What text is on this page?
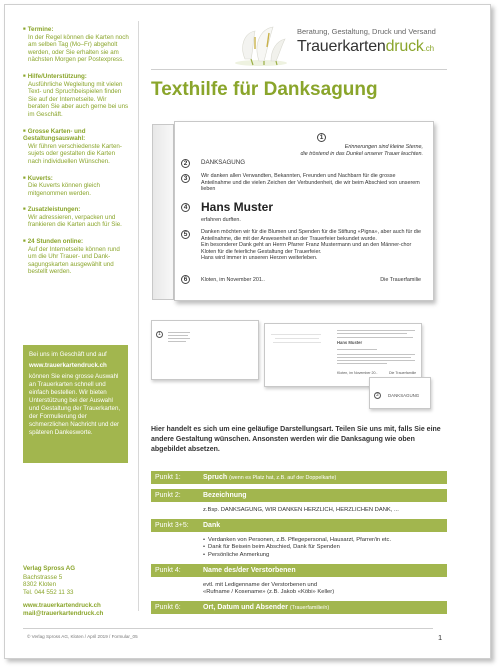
■ Termine:
In der Regel können die Karten noch am selben Tag (Mo–Fr) abgeholt werden, oder Sie erhalten sie am nächsten Morgen per Postexpress.
■ Hilfe/Unterstützung:
Ausführliche Wegleitung mit vielen Text- und Spruchbeispielen finden Sie auf der Internetseite. Wir beraten Sie aber auch gerne bei uns im Geschäft.
■ Grosse Karten- und Gestaltungsauswahl:
Wir führen verschiedenste Karten-sujets oder gestalten die Karten nach individuellen Wünschen.
■ Kuverts:
Die Kuverts können gleich mitgenommen werden.
■ Zusatzleistungen:
Wir adressieren, verpacken und frankieren die Karten auch für Sie.
■ 24 Stunden online:
Auf der Internetseite können rund um die Uhr Trauer- und Dank-sagungskarten ausgewählt und bestellt werden.
Bei uns im Geschäft und auf
www.trauerkartendruck.ch
können Sie eine grosse Auswahl an Trauerkarten schnell und einfach bestellen. Wir bieten Unterstützung bei der Auswahl und Gestaltung der Trauerkarten, der Formulierung der schmerzlichen Nachricht und der späteren Dankesworte.
Verlag Spross AG
Bachstrasse 5
8302 Kloten
Tel. 044 552 11 33
www.trauerkartendruck.ch
mail@trauerkartendruck.ch
Beratung, Gestaltung, Druck und Versand
Trauerkartendruck.ch
Texthilfe für Danksagung
1
Erinnerungen sind kleine Sterne,
die tröstend in das Dunkel unserer Trauer leuchten.
2	DANKSAGUNG
3	Wir danken allen Verwandten, Bekannten, Freunden und Nachbarn für die grosse Anteilnahme und die vielen Zeichen der Verbundenheit, die wir beim Abschied von unserem lieben
4 Hans Muster
erfahren durften.
5	Danken möchten wir für die Blumen und Spenden für die Stiftung «Pigna», aber auch für die Anteilnahme, die mit der Anwesenheit an der Trauerfeier bekundet wurde.
Ein besonderer Dank geht an Herrn Pfarrer Franz Mustermann und an den Männer-chor Kloten für die feierliche Gestaltung der Trauerfeier.
Hans wird immer in unseren Herzen weiterleben.
6	Kloten, im November 201..	Die Trauerfamilie
1
Hans Muster
Kloten, im November 20..	Die Trauerfamilie
2	DANKSAGUNG
Hier handelt es sich um eine geläufige Darstellungsart. Teilen Sie uns mit, falls Sie eine andere Gestaltung wünschen. Ansonsten werden wir die Danksagung wie oben abgebildet absetzen.
Punkt 1:	Spruch (wenn es Platz hat, z.B. auf der Doppelkarte)
Punkt 2:	Bezeichnung
z.Bsp. DANKSAGUNG, WIR DANKEN HERZLICH, HERZLICHEN DANK, ...
Punkt 3+5:	Dank
• Verdanken von Personen, z.B. Pflegepersonal, Hausarzt, Pfarrer/in etc.
• Dank für Beisein beim Abschied, Dank für Spenden
• Persönliche Anmerkung
Punkt 4:	Name des/der Verstorbenen
evtl. mit Ledigenname der Verstorbenen und
«Rufname / Kosename» (z.B. Jakob «Köbi» Keller)
Punkt 6:	Ort, Datum und Absender (Trauerfamilie/n)
© Verlag Spross AG, Kloten / April 2019 / Formular_05	1
